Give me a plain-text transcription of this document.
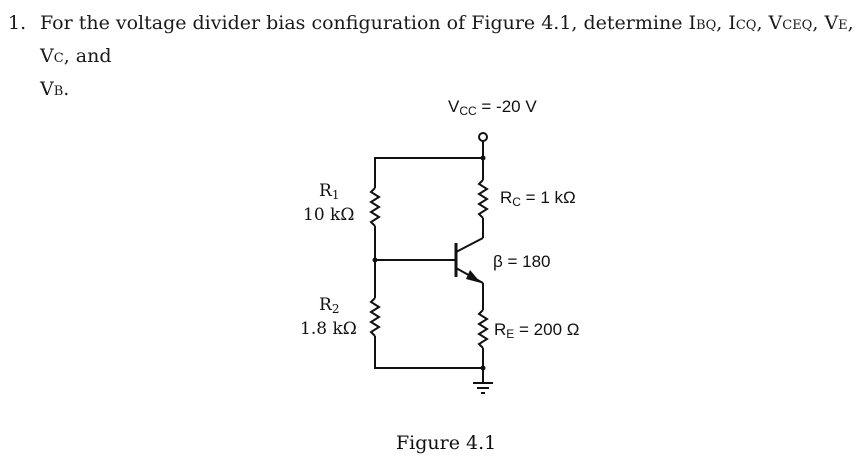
1. For the voltage divider bias configuration of Figure 4.1, determine IBQ, ICQ, VCEQ, VE, VC, and
VB.
VCC = -20 V
R1
10 kΩ
R2
1.8 kΩ
RC = 1 kΩ
β = 180
RE = 200 Ω
Figure 4.1
